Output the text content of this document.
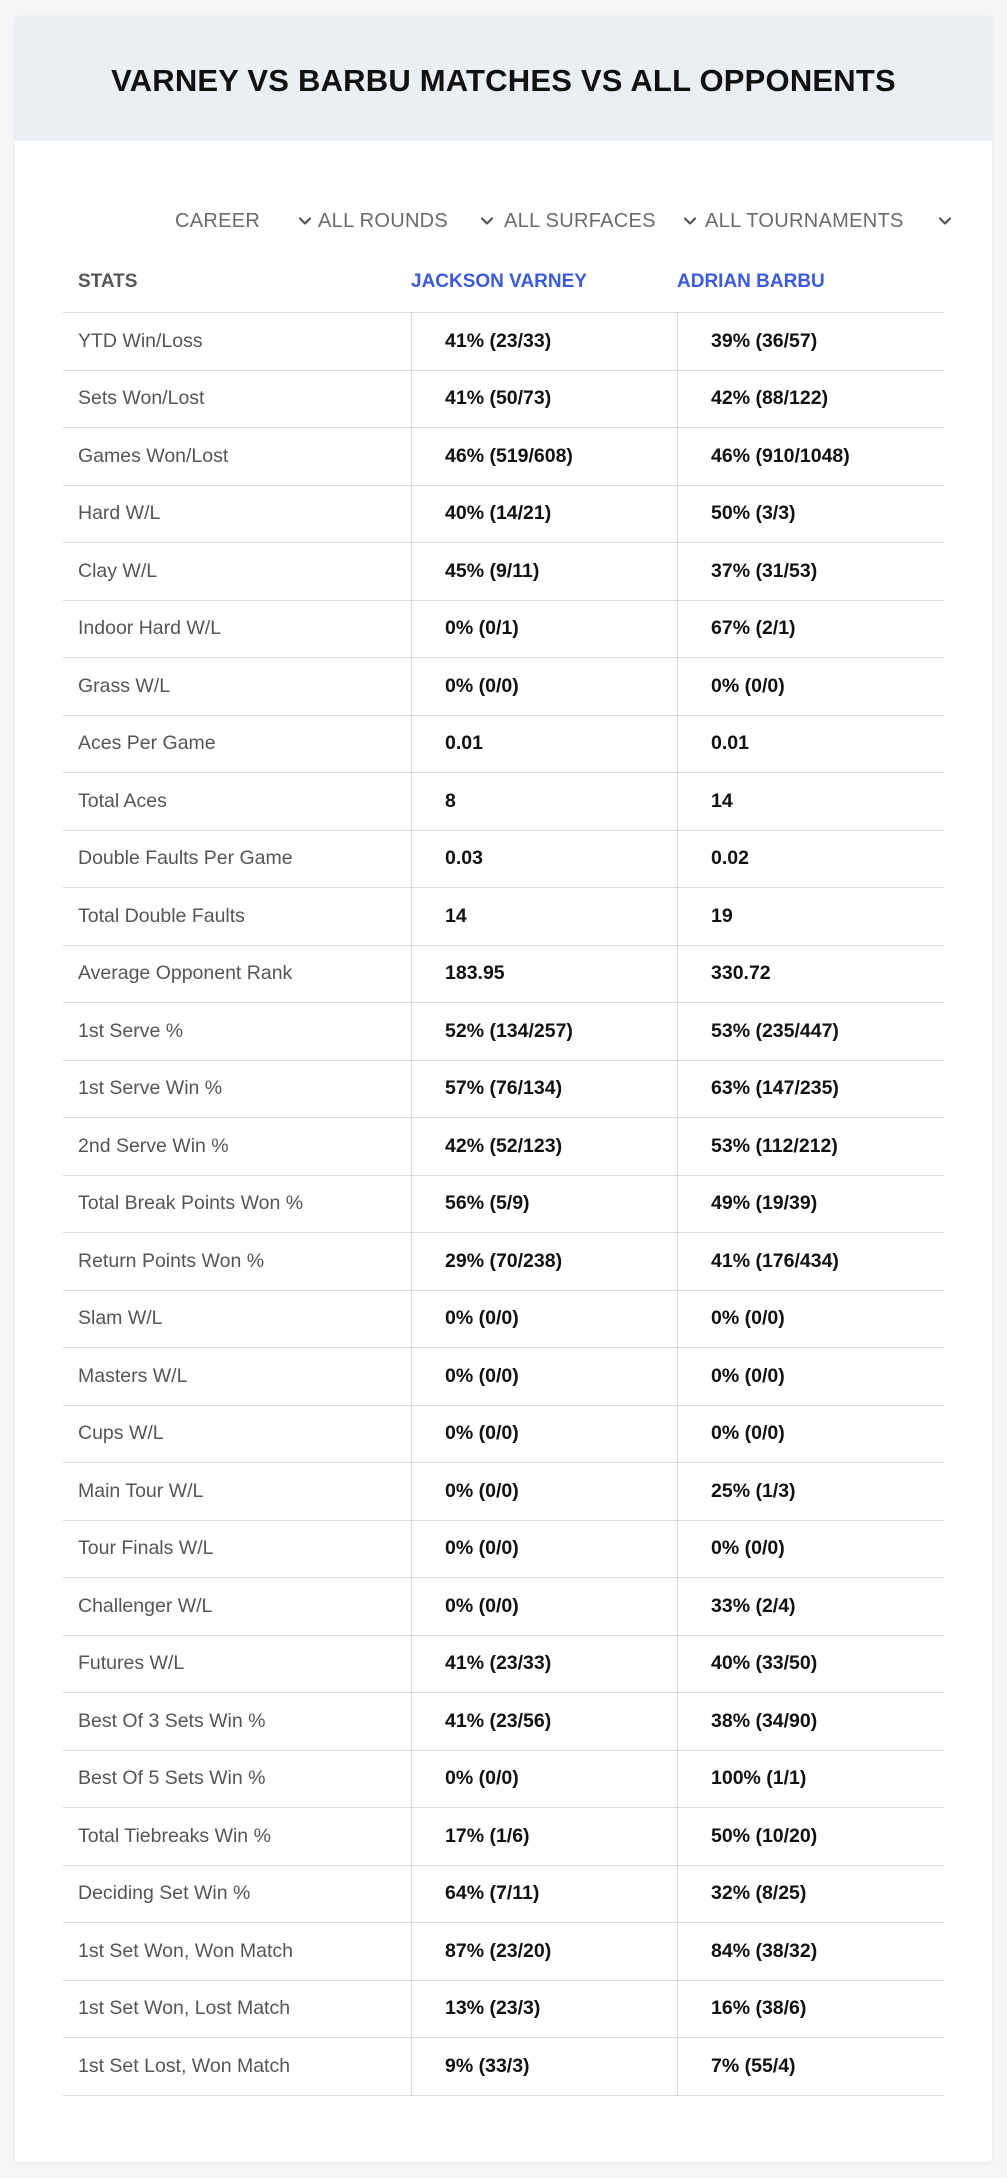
VARNEY VS BARBU MATCHES VS ALL OPPONENTS
CAREER	ALL ROUNDS	ALL SURFACES ALL TOURNAMENTS
STATS	JACKSON VARNEY	ADRIAN BARBU
YTD Win/Loss	41% (23/33)	39% (36/57)
Sets Won/Lost	41% (50/73)	42% (88/122)
Games Won/Lost	46% (519/608)	46% (910/1048)
Hard W/L	40% (14/21)	50% (3/3)
Clay W/L	45% (9/11)	37% (31/53)
Indoor Hard W/L	0% (0/1)	67% (2/1)
Grass W/L	0% (0/0)	0% (0/0)
Aces Per Game	0.01	0.01
Total Aces	8	14
Double Faults Per Game	0.03	0.02
Total Double Faults	14	19
Average Opponent Rank	183.95	330.72
1st Serve %	52% (134/257)	53% (235/447)
1st Serve Win %	57% (76/134)	63% (147/235)
2nd Serve Win %	42% (52/123)	53% (112/212)
Total Break Points Won %	56% (5/9)	49% (19/39)
Return Points Won %	29% (70/238)	41% (176/434)
Slam W/L	0% (0/0)	0% (0/0)
Masters W/L	0% (0/0)	0% (0/0)
Cups W/L	0% (0/0)	0% (0/0)
Main Tour W/L	0% (0/0)	25% (1/3)
Tour Finals W/L	0% (0/0)	0% (0/0)
Challenger W/L	0% (0/0)	33% (2/4)
Futures W/L	41% (23/33)	40% (33/50)
Best Of 3 Sets Win %	41% (23/56)	38% (34/90)
Best Of 5 Sets Win %	0% (0/0)	100% (1/1)
Total Tiebreaks Win %	17% (1/6)	50% (10/20)
Deciding Set Win %	64% (7/11)	32% (8/25)
1st Set Won, Won Match	87% (23/20)	84% (38/32)
1st Set Won, Lost Match	13% (23/3)	16% (38/6)
1st Set Lost, Won Match	9% (33/3)	7% (55/4)
